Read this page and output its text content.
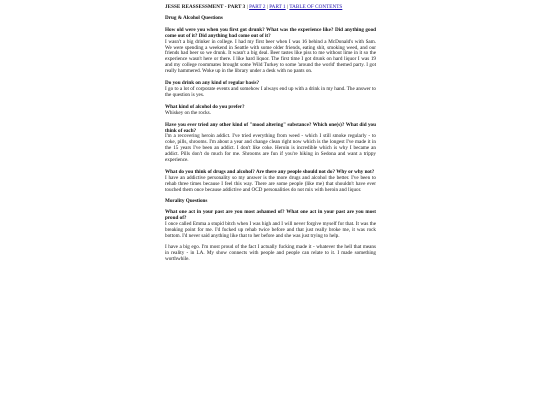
JESSE REASSESSMENT - PART 3 | PART 2 | PART 1 | TABLE OF CONTENTS
Drug & Alcohol Questions
How old were you when you first got drunk? What was the experience like? Did anything good come out of it? Did anything bad come out of it?
I wasn't a big drinker in college. I had my first beer when I was 16 behind a McDonald's with Sam. We were spending a weekend in Seattle with some older friends, eating shit, smoking weed, and our friends had beer so we drunk. It wasn't a big deal. Beer tastes like piss to me without lime in it so the experience wasn't here or there. I like hard liquor. The first time I got drunk on hard liquor I was 19 and my college roommates brought some Wild Turkey to some 'around the world' themed party. I got really hammered. Woke up in the library under a desk with no pants on.
Do you drink on any kind of regular basis?
I go to a lot of corporate events and somehow I always end up with a drink in my hand. The answer to the question is yes.
What kind of alcohol do you prefer?
Whiskey on the rocks.
Have you ever tried any other kind of "mood altering" substance? Which one(s)? What did you think of each?
I'm a recovering heroin addict. I've tried everything from weed - which I still smoke regularly - to coke, pills, shrooms. I'm about a year and change clean right now which is the longest I've made it in the 15 years I've been an addict. I don't like coke. Heroin is incredible which is why I became an addict. Pills don't do much for me. Shrooms are fun if you're hiking in Sedona and want a trippy experience.
What do you think of drugs and alcohol? Are there any people should not do? Why or why not?
I have an addictive personality so my answer is the more drugs and alcohol the better. I've been to rehab three times because I feel this way. There are some people (like me) that shouldn't have ever touched them once because addictive and OCD personalities do not mix with heroin and liquor.
Morality Questions
What one act in your past are you most ashamed of? What one act in your past are you most proud of?
I once called Emma a stupid bitch when I was high and I will never forgive myself for that. It was the breaking point for me. I'd fucked up rehab twice before and that just really broke me, it was rock bottom. I'd never said anything like that to her before and she was just trying to help.
I have a big ego. I'm most proud of the fact I actually fucking made it - whatever the hell that means in reality - in LA. My show connects with people and people can relate to it. I made something worthwhile.
